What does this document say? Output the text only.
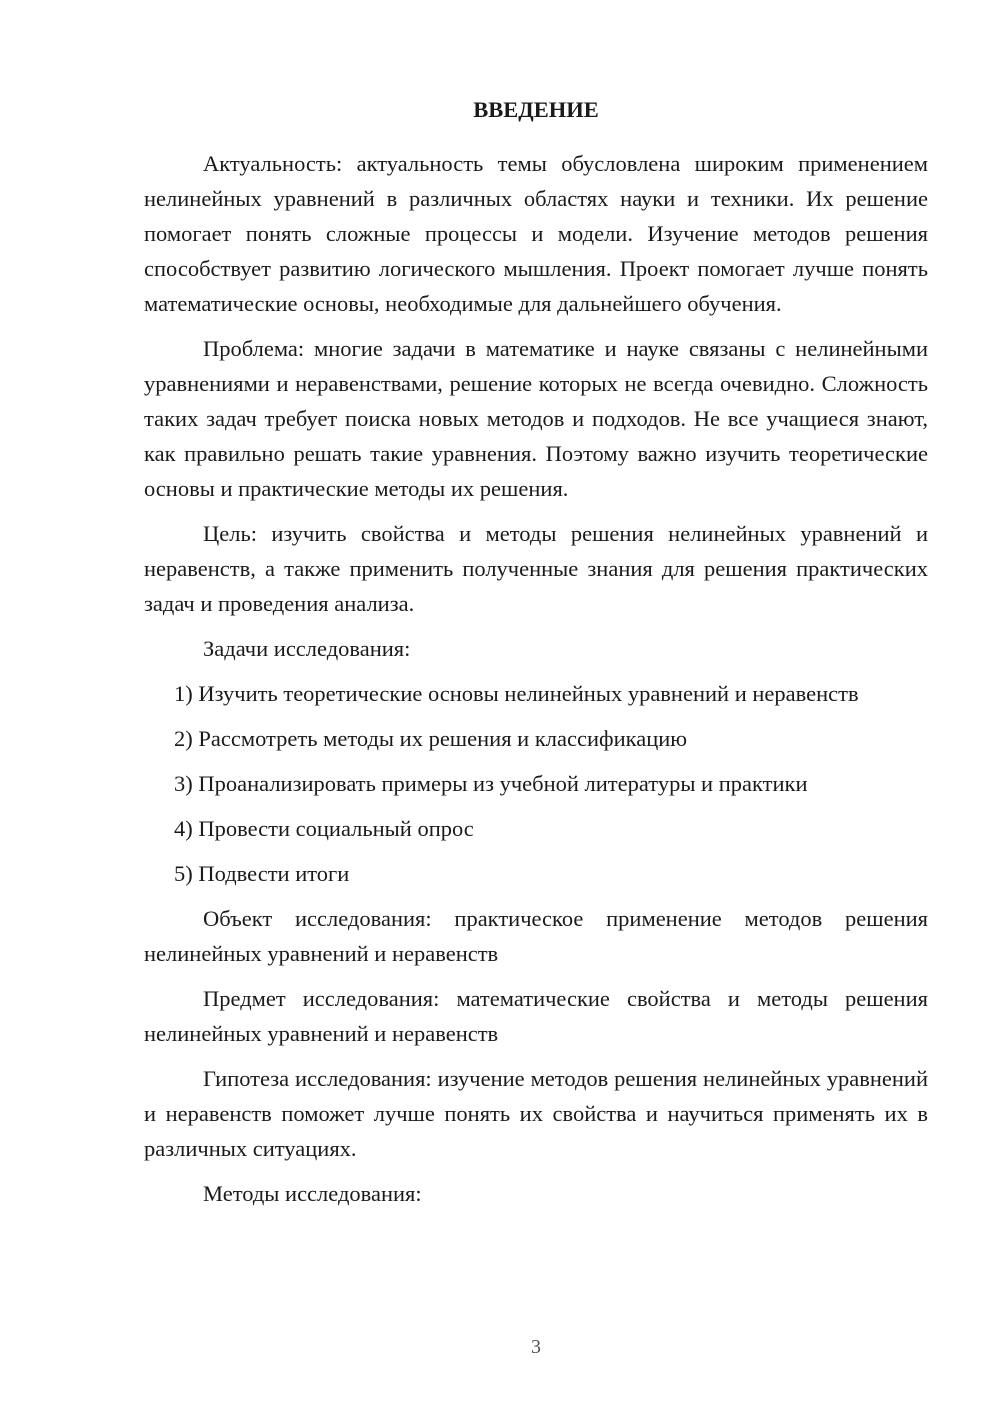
ВВЕДЕНИЕ

Актуальность: актуальность темы обусловлена широким применением нелинейных уравнений в различных областях науки и техники. Их решение помогает понять сложные процессы и модели. Изучение методов решения способствует развитию логического мышления. Проект помогает лучше понять математические основы, необходимые для дальнейшего обучения.

Проблема: многие задачи в математике и науке связаны с нелинейными уравнениями и неравенствами, решение которых не всегда очевидно. Сложность таких задач требует поиска новых методов и подходов. Не все учащиеся знают, как правильно решать такие уравнения. Поэтому важно изучить теоретические основы и практические методы их решения.

Цель: изучить свойства и методы решения нелинейных уравнений и неравенств, а также применить полученные знания для решения практических задач и проведения анализа.

Задачи исследования:

1) Изучить теоретические основы нелинейных уравнений и неравенств

2) Рассмотреть методы их решения и классификацию

3) Проанализировать примеры из учебной литературы и практики

4) Провести социальный опрос

5) Подвести итоги

Объект исследования: практическое применение методов решения нелинейных уравнений и неравенств

Предмет исследования: математические свойства и методы решения нелинейных уравнений и неравенств

Гипотеза исследования: изучение методов решения нелинейных уравнений и неравенств поможет лучше понять их свойства и научиться применять их в различных ситуациях.

Методы исследования:

3
